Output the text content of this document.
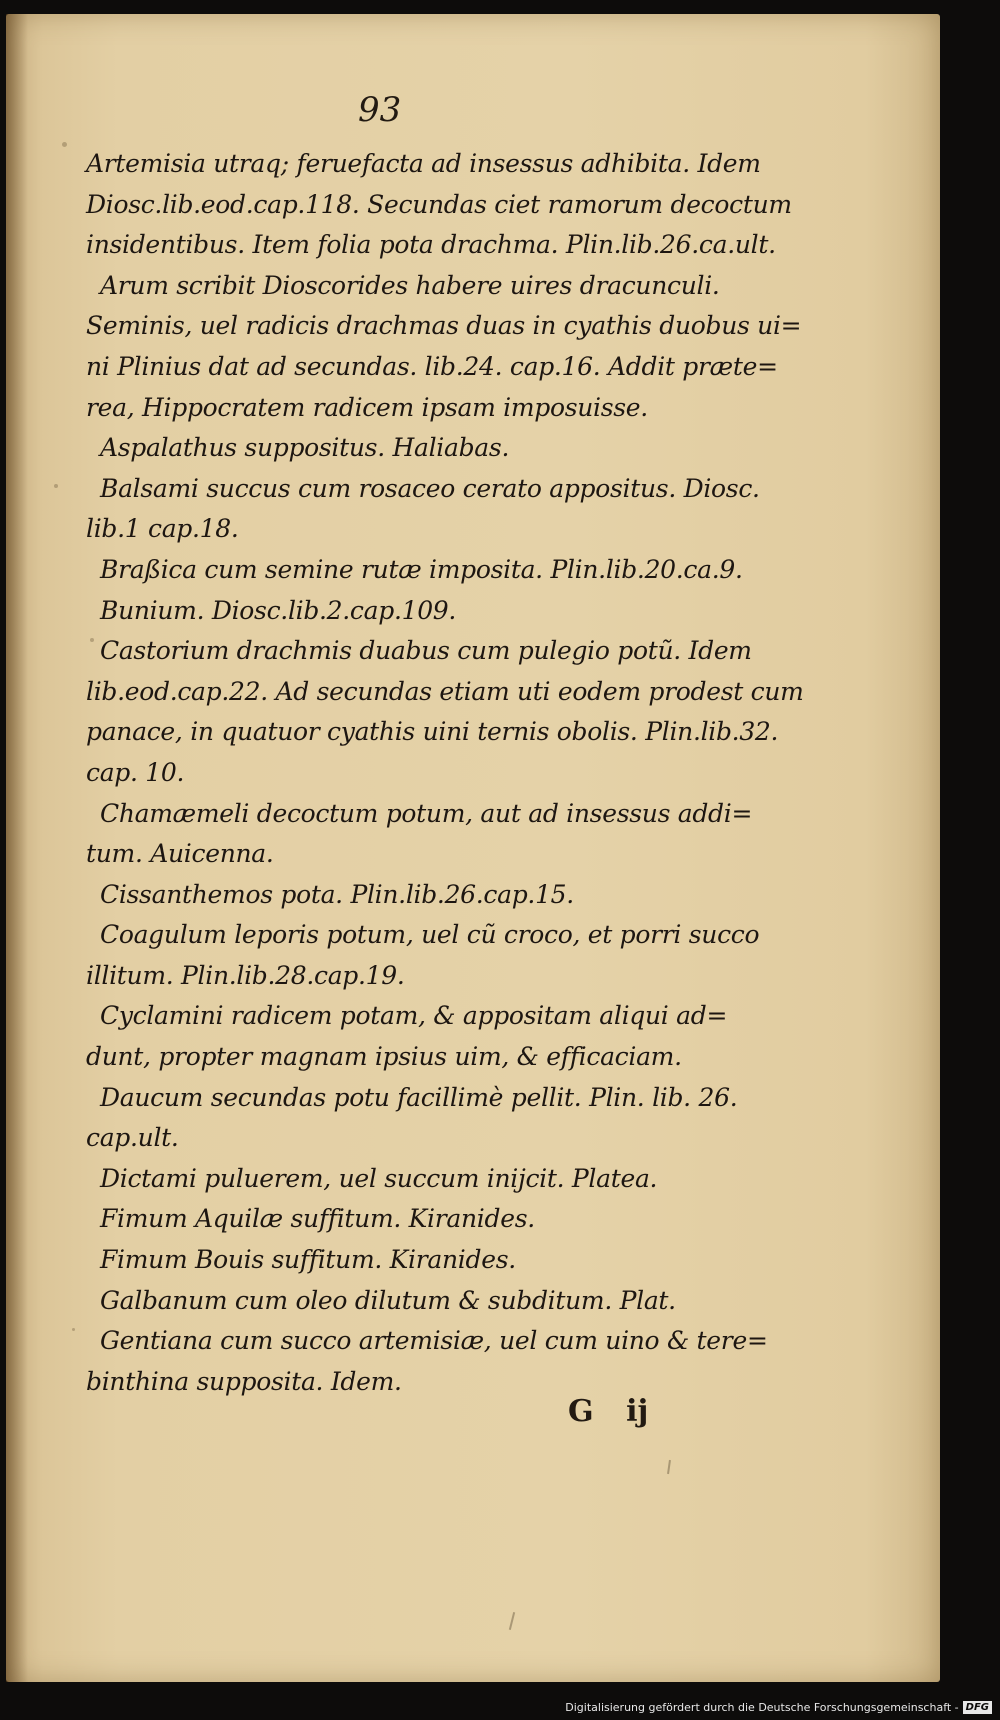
93
Artemisia utraq; feruefacta ad insessus adhibita. Idem
Diosc.lib.eod.cap.118. Secundas ciet ramorum decoctum
insidentibus. Item folia pota drachma. Plin.lib.26.ca.ult.
Arum scribit Dioscorides habere uires dracunculi.
Seminis, uel radicis drachmas duas in cyathis duobus ui=
ni Plinius dat ad secundas. lib.24. cap.16. Addit præte=
rea, Hippocratem radicem ipsam imposuisse.
Aspalathus suppositus. Haliabas.
Balsami succus cum rosaceo cerato appositus. Diosc.
lib.1 cap.18.
Braßica cum semine rutæ imposita. Plin.lib.20.ca.9.
Bunium. Diosc.lib.2.cap.109.
Castorium drachmis duabus cum pulegio potũ. Idem
lib.eod.cap.22. Ad secundas etiam uti eodem prodest cum
panace, in quatuor cyathis uini ternis obolis. Plin.lib.32.
cap. 10.
Chamæmeli decoctum potum, aut ad insessus addi=
tum. Auicenna.
Cissanthemos pota. Plin.lib.26.cap.15.
Coagulum leporis potum, uel cũ croco, et porri succo
illitum. Plin.lib.28.cap.19.
Cyclamini radicem potam, & appositam aliqui ad=
dunt, propter magnam ipsius uim, & efficaciam.
Daucum secundas potu facillimè pellit. Plin. lib. 26.
cap.ult.
Dictami puluerem, uel succum inijcit. Platea.
Fimum Aquilæ suffitum. Kiranides.
Fimum Bouis suffitum. Kiranides.
Galbanum cum oleo dilutum & subditum. Plat.
Gentiana cum succo artemisiæ, uel cum uino & tere=
binthina supposita. Idem.
G ij
Digitalisierung gefördert durch die Deutsche Forschungsgemeinschaft - DFG
